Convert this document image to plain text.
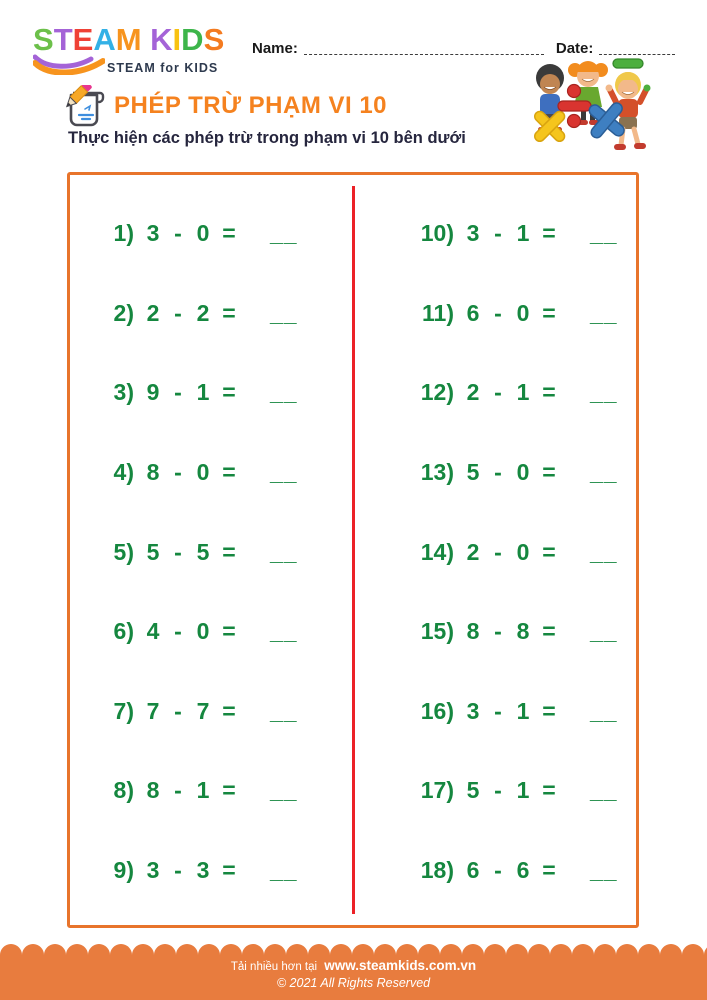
S T E A M
K I D S
STEAM for KIDS
Name:	Date:
PHÉP TRỪ PHẠM VI 10
Thực hiện các phép trừ trong phạm vi 10 bên dưới
1) 3 - 0 =	__
2) 2 - 2 =	__
3) 9 - 1 =	__
4) 8 - 0 =	__
5) 5 - 5 =	__
6) 4 - 0 =	__
7) 7 - 7 =	__
8) 8 - 1 =	__
9) 3 - 3 =	__
10) 3 - 1 =	__
11) 6 - 0 =	__
12) 2 - 1 =	__
13) 5 - 0 =	__
14) 2 - 0 =	__
15) 8 - 8 =	__
16) 3 - 1 =	__
17) 5 - 1 =	__
18) 6 - 6 =	__
Tải nhiều hơn tại www.steamkids.com.vn
© 2021 All Rights Reserved
